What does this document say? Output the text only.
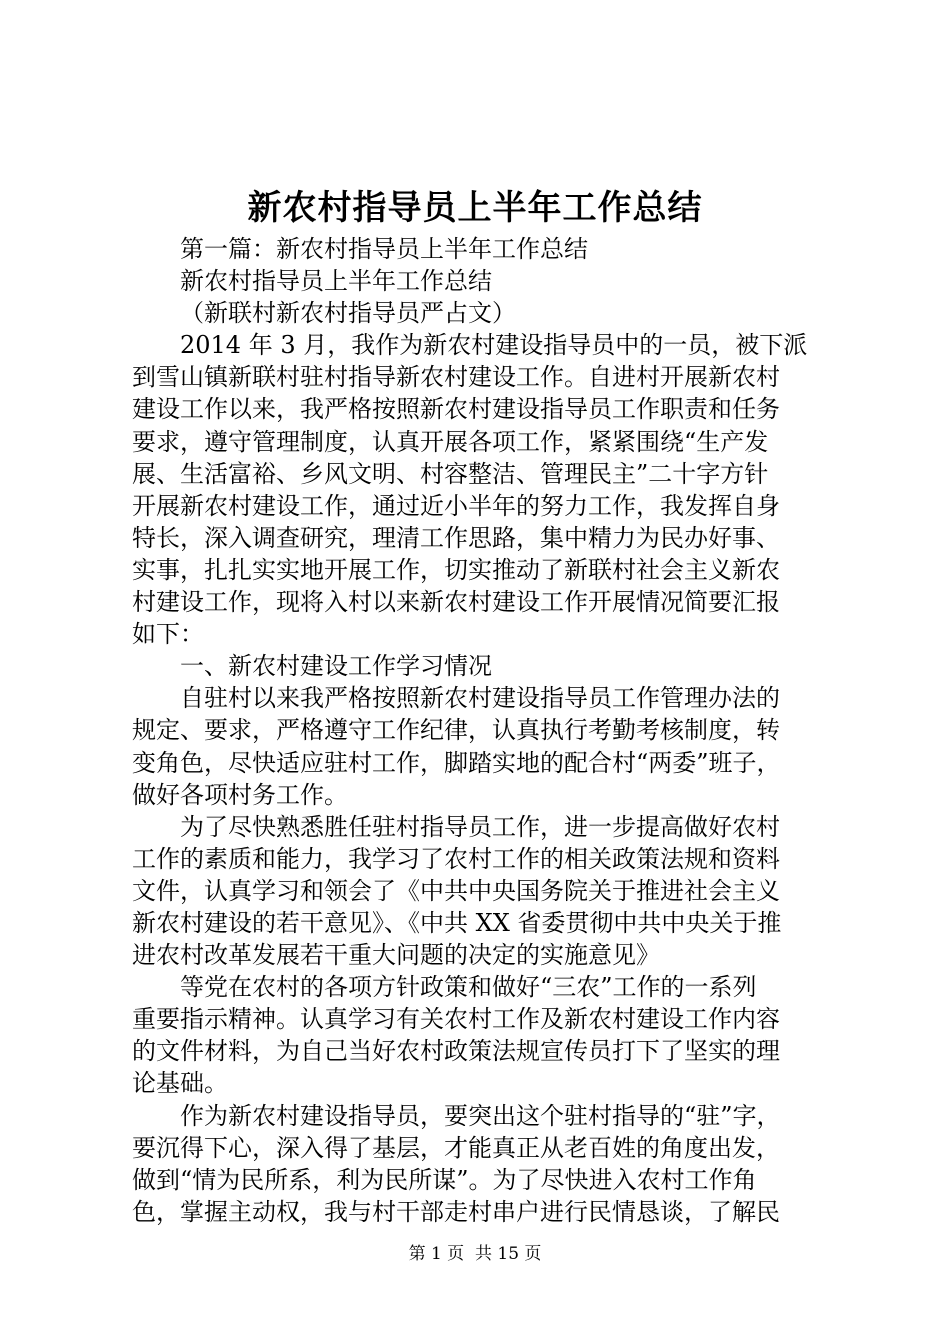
新农村指导员上半年工作总结
第一篇：新农村指导员上半年工作总结
新农村指导员上半年工作总结
（新联村新农村指导员严占文）
2014 年 3 月，我作为新农村建设指导员中的一员，被下派
到雪山镇新联村驻村指导新农村建设工作。自进村开展新农村
建设工作以来，我严格按照新农村建设指导员工作职责和任务
要求，遵守管理制度，认真开展各项工作，紧紧围绕“生产发
展、生活富裕、乡风文明、村容整洁、管理民主”二十字方针
开展新农村建设工作，通过近小半年的努力工作，我发挥自身
特长，深入调查研究，理清工作思路，集中精力为民办好事、
实事，扎扎实实地开展工作，切实推动了新联村社会主义新农
村建设工作，现将入村以来新农村建设工作开展情况简要汇报
如下：
一、新农村建设工作学习情况
自驻村以来我严格按照新农村建设指导员工作管理办法的
规定、要求，严格遵守工作纪律，认真执行考勤考核制度，转
变角色，尽快适应驻村工作，脚踏实地的配合村“两委”班子，
做好各项村务工作。
为了尽快熟悉胜任驻村指导员工作，进一步提高做好农村
工作的素质和能力，我学习了农村工作的相关政策法规和资料
文件，认真学习和领会了《中共中央国务院关于推进社会主义
新农村建设的若干意见》、《中共 XX 省委贯彻中共中央关于推
进农村改革发展若干重大问题的决定的实施意见》
等党在农村的各项方针政策和做好“三农”工作的一系列
重要指示精神。认真学习有关农村工作及新农村建设工作内容
的文件材料，为自己当好农村政策法规宣传员打下了坚实的理
论基础。
作为新农村建设指导员，要突出这个驻村指导的“驻”字，
要沉得下心，深入得了基层，才能真正从老百姓的角度出发，
做到“情为民所系，利为民所谋”。为了尽快进入农村工作角
色，掌握主动权，我与村干部走村串户进行民情恳谈，了解民
第 1 页  共 15 页
